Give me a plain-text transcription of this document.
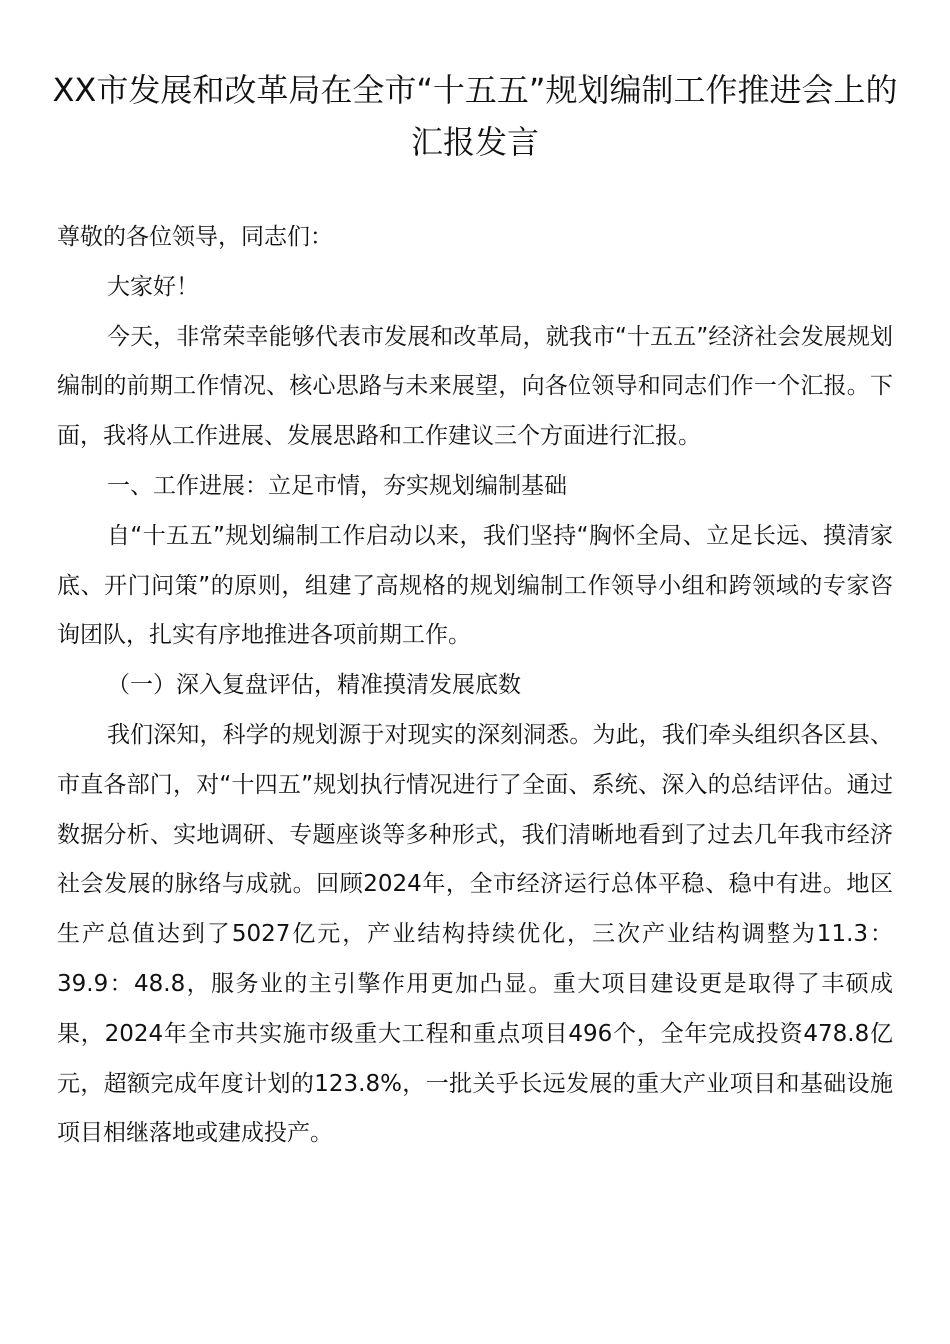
XX市发展和改革局在全市“十五五”规划编制工作推进会上的汇报发言

尊敬的各位领导，同志们：

大家好！

今天，非常荣幸能够代表市发展和改革局，就我市“十五五”经济社会发展规划编制的前期工作情况、核心思路与未来展望，向各位领导和同志们作一个汇报。下面，我将从工作进展、发展思路和工作建议三个方面进行汇报。

一、工作进展：立足市情，夯实规划编制基础

自“十五五”规划编制工作启动以来，我们坚持“胸怀全局、立足长远、摸清家底、开门问策”的原则，组建了高规格的规划编制工作领导小组和跨领域的专家咨询团队，扎实有序地推进各项前期工作。

（一）深入复盘评估，精准摸清发展底数

我们深知，科学的规划源于对现实的深刻洞悉。为此，我们牵头组织各区县、市直各部门，对“十四五”规划执行情况进行了全面、系统、深入的总结评估。通过数据分析、实地调研、专题座谈等多种形式，我们清晰地看到了过去几年我市经济社会发展的脉络与成就。回顾2024年，全市经济运行总体平稳、稳中有进。地区生产总值达到了5027亿元，产业结构持续优化，三次产业结构调整为11.3：39.9：48.8，服务业的主引擎作用更加凸显。重大项目建设更是取得了丰硕成果，2024年全市共实施市级重大工程和重点项目496个，全年完成投资478.8亿元，超额完成年度计划的123.8%，一批关乎长远发展的重大产业项目和基础设施项目相继落地或建成投产。
